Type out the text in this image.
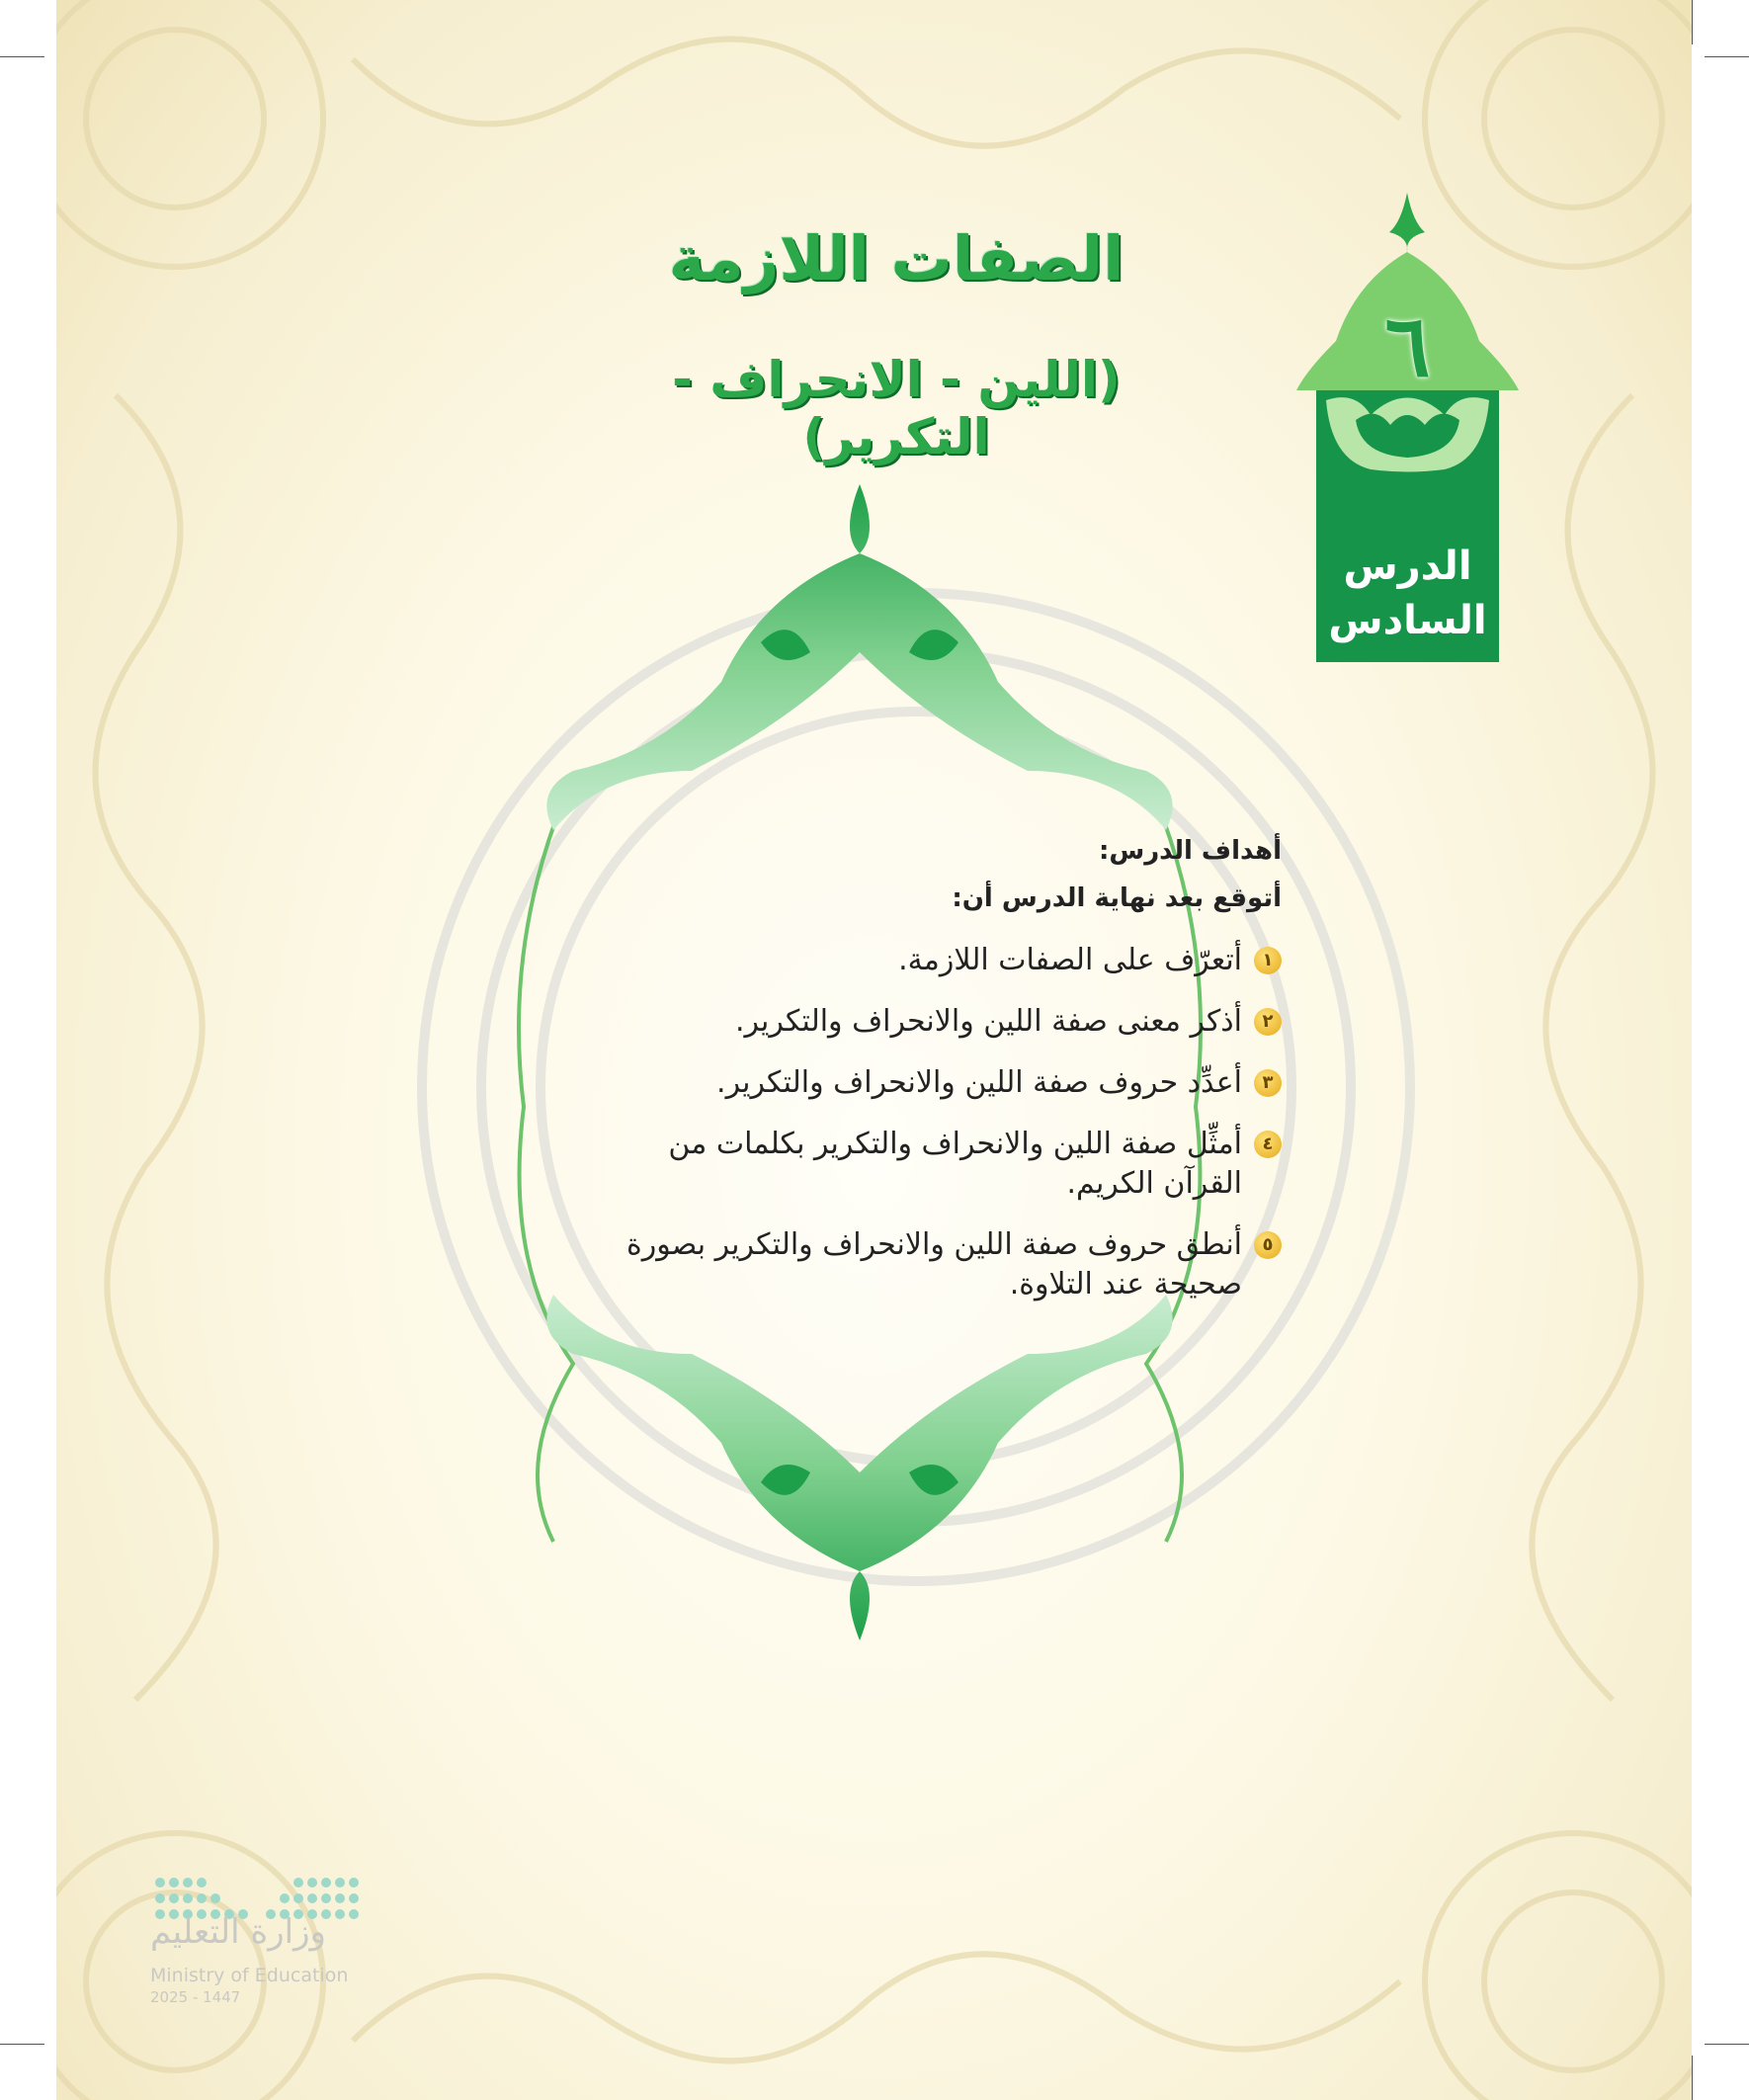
٦
الدرس
السادس
الصفات اللازمة
(اللين - الانحراف - التكرير)
أهداف الدرس:
أتوقع بعد نهاية الدرس أن:
١
أتعرّف على الصفات اللازمة.
٢
أذكر معنى صفة اللين والانحراف والتكرير.
٣
أعدِّد حروف صفة اللين والانحراف والتكرير.
٤
أمثِّل صفة اللين والانحراف والتكرير بكلمات من القرآن الكريم.
٥
أنطق حروف صفة اللين والانحراف والتكرير بصورة صحيحة عند التلاوة.
وزارة التعليم
Ministry of Education
2025 - 1447
